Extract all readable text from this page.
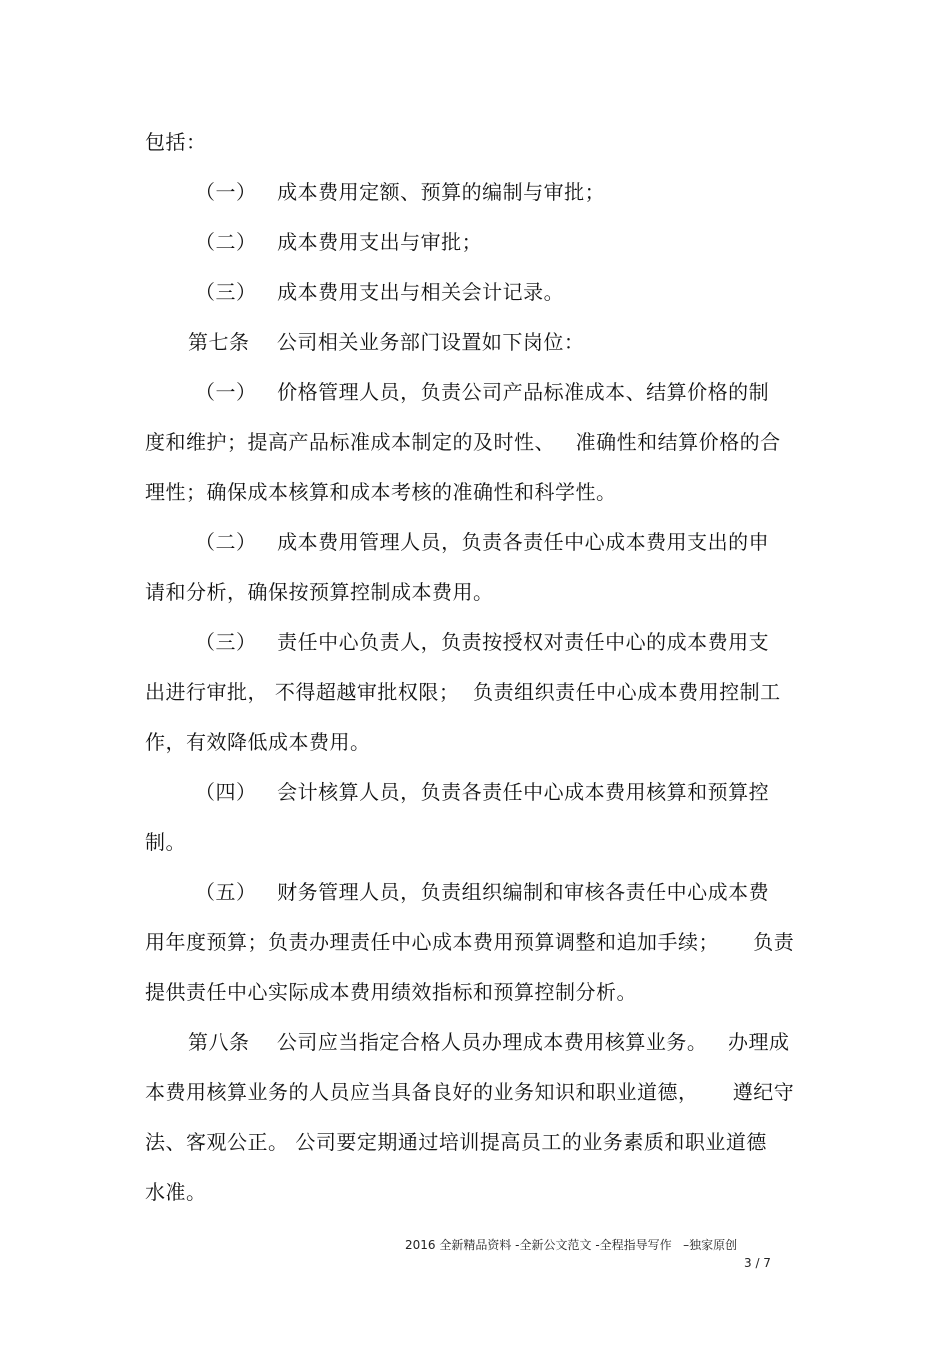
包括：
（一）   成本费用定额、预算的编制与审批；
（二）   成本费用支出与审批；
（三）   成本费用支出与相关会计记录。
第七条    公司相关业务部门设置如下岗位：
（一）   价格管理人员，负责公司产品标准成本、结算价格的制
度和维护；提高产品标准成本制定的及时性、   准确性和结算价格的合
理性；确保成本核算和成本考核的准确性和科学性。
（二）   成本费用管理人员，负责各责任中心成本费用支出的申
请和分析，确保按预算控制成本费用。
（三）   责任中心负责人，负责按授权对责任中心的成本费用支
出进行审批， 不得超越审批权限；  负责组织责任中心成本费用控制工
作，有效降低成本费用。
（四）   会计核算人员，负责各责任中心成本费用核算和预算控
制。
（五）   财务管理人员，负责组织编制和审核各责任中心成本费
用年度预算；负责办理责任中心成本费用预算调整和追加手续；     负责
提供责任中心实际成本费用绩效指标和预算控制分析。
第八条    公司应当指定合格人员办理成本费用核算业务。   办理成
本费用核算业务的人员应当具备良好的业务知识和职业道德，     遵纪守
法、客观公正。 公司要定期通过培训提高员工的业务素质和职业道德
水准。
2016 全新精品资料 -全新公文范文 -全程指导写作   –独家原创
3 / 7
